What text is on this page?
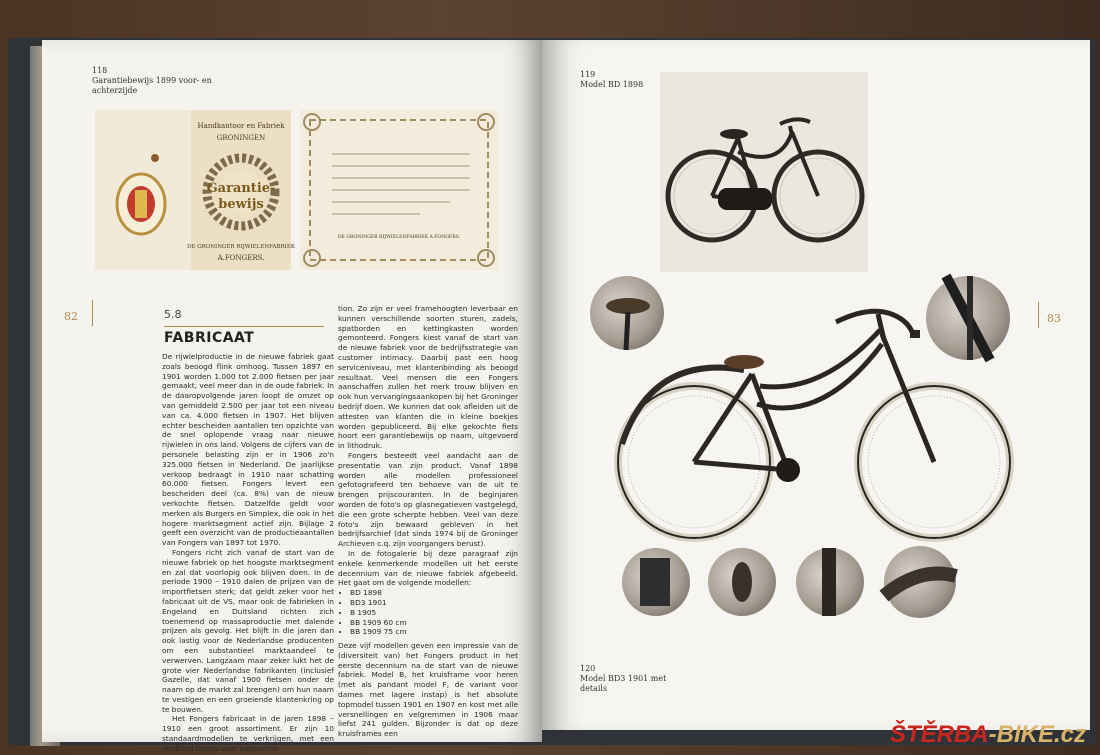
118
Garantiebewijs 1899 voor- en achterzijde
Handkantoor en Fabriek
GRONINGEN
Garantie-
bewijs
DE GRONINGER RIJWIELENFABRIEK
A.FONGERS.
DE GRONINGER RIJWIELENFABRIEK A.FONGERS.
82	5.8
FABRICAAT

De rijwielproductie in de nieuwe fabriek gaat zoals beoogd flink omhoog. Tussen 1897 en 1901 worden 1.000 tot 2.000 fietsen per jaar gemaakt, veel meer dan in de oude fabriek. In de daaropvolgende jaren loopt de omzet op van gemiddeld 2.500 per jaar tot een niveau van ca. 4.000 fietsen in 1907. Het blijven echter bescheiden aantallen ten opzichte van de snel oplopende vraag naar nieuwe rijwielen in ons land. Volgens de cijfers van de personele belasting zijn er in 1906 zo'n 325.000 fietsen in Nederland. De jaarlijkse verkoop bedraagt in 1910 naar schatting 60.000 fietsen. Fongers levert een bescheiden deel (ca. 8%) van de nieuw verkochte fietsen. Datzelfde geldt voor merken als Burgers en Simplex, die ook in het hogere marktsegment actief zijn. Bijlage 2 geeft een overzicht van de productieaantallen van Fongers van 1897 tot 1970.

Fongers richt zich vanaf de start van de nieuwe fabriek op het hoogste marktsegment en zal dat voorlopig ook blijven doen. In de periode 1900 – 1910 dalen de prijzen van de importfietsen sterk; dat geldt zeker voor het fabricaat uit de VS, maar ook de fabrieken in Engeland en Duitsland richten zich toenemend op massaproductie met dalende prijzen als gevolg. Het blijft in die jaren dan ook lastig voor de Nederlandse producenten om een substantieel marktaandeel te verwerven. Langzaam maar zeker lukt het de grote vier Nederlandse fabrikanten (inclusief Gazelle, dat vanaf 1900 fietsen onder de naam op de markt zal brengen) om hun naam te vestigen en een groeiende klantenkring op te bouwen.

Het Fongers fabricaat in de jaren 1898 – 1910 een groot assortiment. Er zijn 10 standaardmodellen te verkrijgen, met een veelheid opties voor customiza-

tion. Zo zijn er veel framehoogten leverbaar en kunnen verschillende soorten sturen, zadels, spatborden en kettingkasten worden gemonteerd. Fongers kiest vanaf de start van de nieuwe fabriek voor de bedrijfsstrategie van customer intimacy. Daarbij past een hoog serviceniveau, met klantenbinding als beoogd resultaat. Veel mensen die een Fongers aanschaffen zullen het merk trouw blijven en ook hun vervangingsaankopen bij het Groninger bedrijf doen. We kunnen dat ook afleiden uit de attesten van klanten die in kleine boekjes worden gepubliceerd. Bij elke gekochte fiets hoort een garantiebewijs op naam, uitgevoerd in lithodruk.

Fongers besteedt veel aandacht aan de presentatie van zijn product. Vanaf 1898 worden alle modellen professioneel gefotografeerd ten behoeve van de uit te brengen prijscouranten. In de beginjaren worden de foto's op glasnegatieven vastgelegd, die een grote scherpte hebben. Veel van deze foto's zijn bewaard gebleven in het bedrijfsarchief (dat sinds 1974 bij de Groninger Archieven c.q. zijn voorgangers berust).

In de fotogalerie bij deze paragraaf zijn enkele kenmerkende modellen uit het eerste decennium van de nieuwe fabriek afgebeeld. Het gaat om de volgende modellen:

• BD 1898
• BD3 1901
• B 1905
• BB 1909 60 cm
• BB 1909 75 cm

Deze vijf modellen geven een impressie van de (diversiteit van) het Fongers product in het eerste decennium na de start van de nieuwe fabriek. Model B, het kruisframe voor heren (met als pandant model F, de variant voor dames met lagere instap) is het absolute topmodel tussen 1901 en 1907 en kost met alle versnellingen en velgremmen in 1906 maar liefst 241 gulden. Bijzonder is dat op deze kruisframes een

119
Model BD 1898
83
120
Model BD3 1901 met details
ŠTĚRBA-BIKE.cz
